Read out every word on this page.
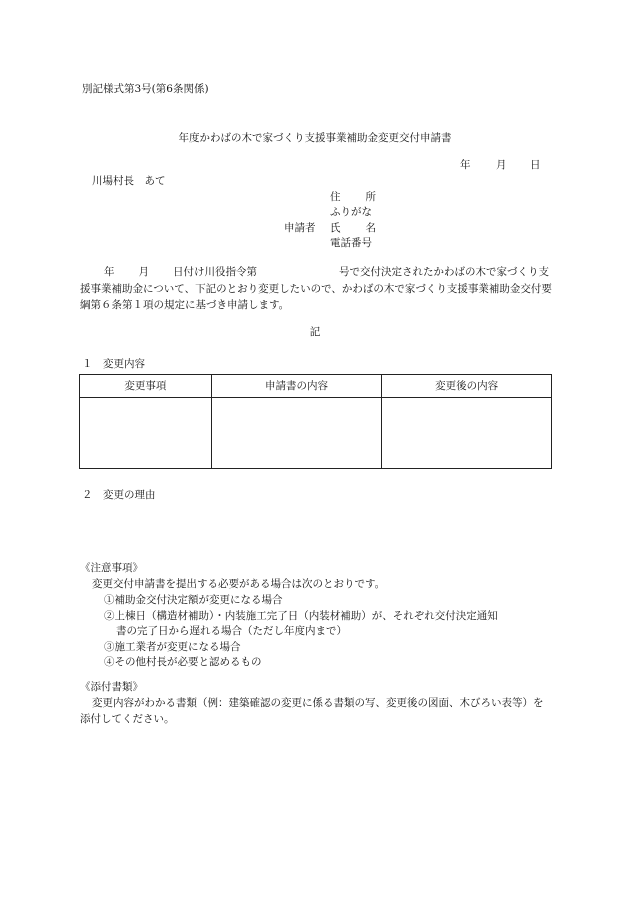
別記様式第3号(第6条関係)
年度かわばの木で家づくり支援事業補助金変更交付申請書
年 月 日
川場村長　あて
住所
ふりがな
申請者 氏名
電話番号
年 月 日付け川役指令第	号で交付決定されたかわばの木で家づくり支援事業補助金について、下記のとおり変更したいので、かわばの木で家づくり支援事業補助金交付要綱第６条第１項の規定に基づき申請します。
記
１　変更内容
変更事項	申請書の内容	変更後の内容

２　変更の理由
《注意事項》
変更交付申請書を提出する必要がある場合は次のとおりです。
①補助金交付決定額が変更になる場合
②上棟日（構造材補助）・内装施工完了日（内装材補助）が、それぞれ交付決定通知
書の完了日から遅れる場合（ただし年度内まで）
③施工業者が変更になる場合
④その他村長が必要と認めるもの
《添付書類》
変更内容がわかる書類（例：建築確認の変更に係る書類の写、変更後の図面、木びろい表等）を添付してください。
